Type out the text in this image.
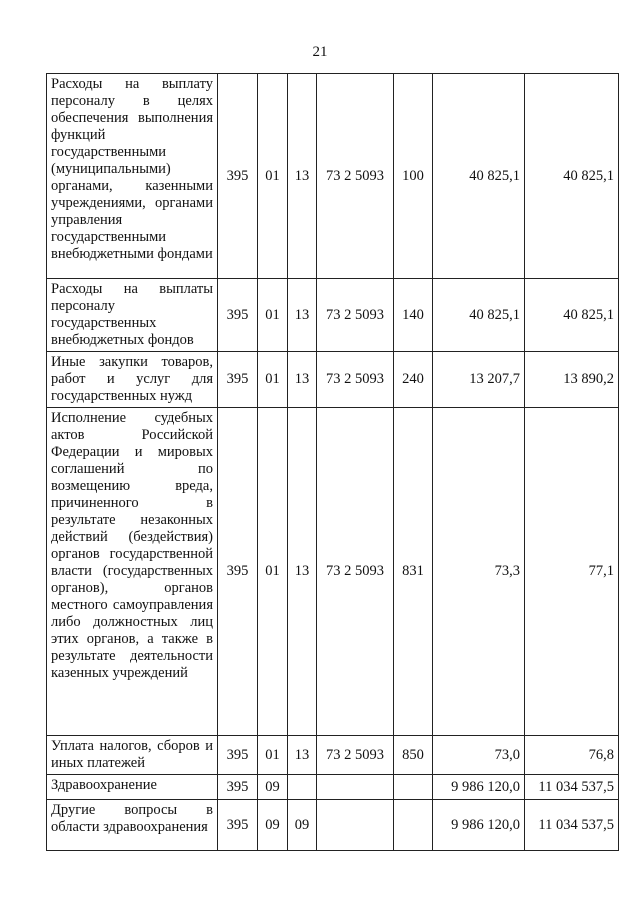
21
Расходы на выплату персоналу в целях обеспечения выполнения функций государственными (муниципальными) органами, казенными учреждениями, органами управления государственными внебюджетными фондами	395	01	13	73 2 5093	100	40 825,1	40 825,1
Расходы на выплаты персоналу государственных внебюджетных фондов	395	01	13	73 2 5093	140	40 825,1	40 825,1
Иные закупки товаров, работ и услуг для государственных нужд	395	01	13	73 2 5093	240	13 207,7	13 890,2
Исполнение судебных актов Российской Федерации и мировых соглашений по возмещению вреда, причиненного в результате незаконных действий (бездействия) органов государственной власти (государственных органов), органов местного самоуправления либо должностных лиц этих органов, а также в результате деятельности казенных учреждений	395	01	13	73 2 5093	831	73,3	77,1
Уплата налогов, сборов и иных платежей	395	01	13	73 2 5093	850	73,0	76,8
Здравоохранение	395	09				9 986 120,0	11 034 537,5
Другие вопросы в области здравоохранения	395	09	09			9 986 120,0	11 034 537,5
